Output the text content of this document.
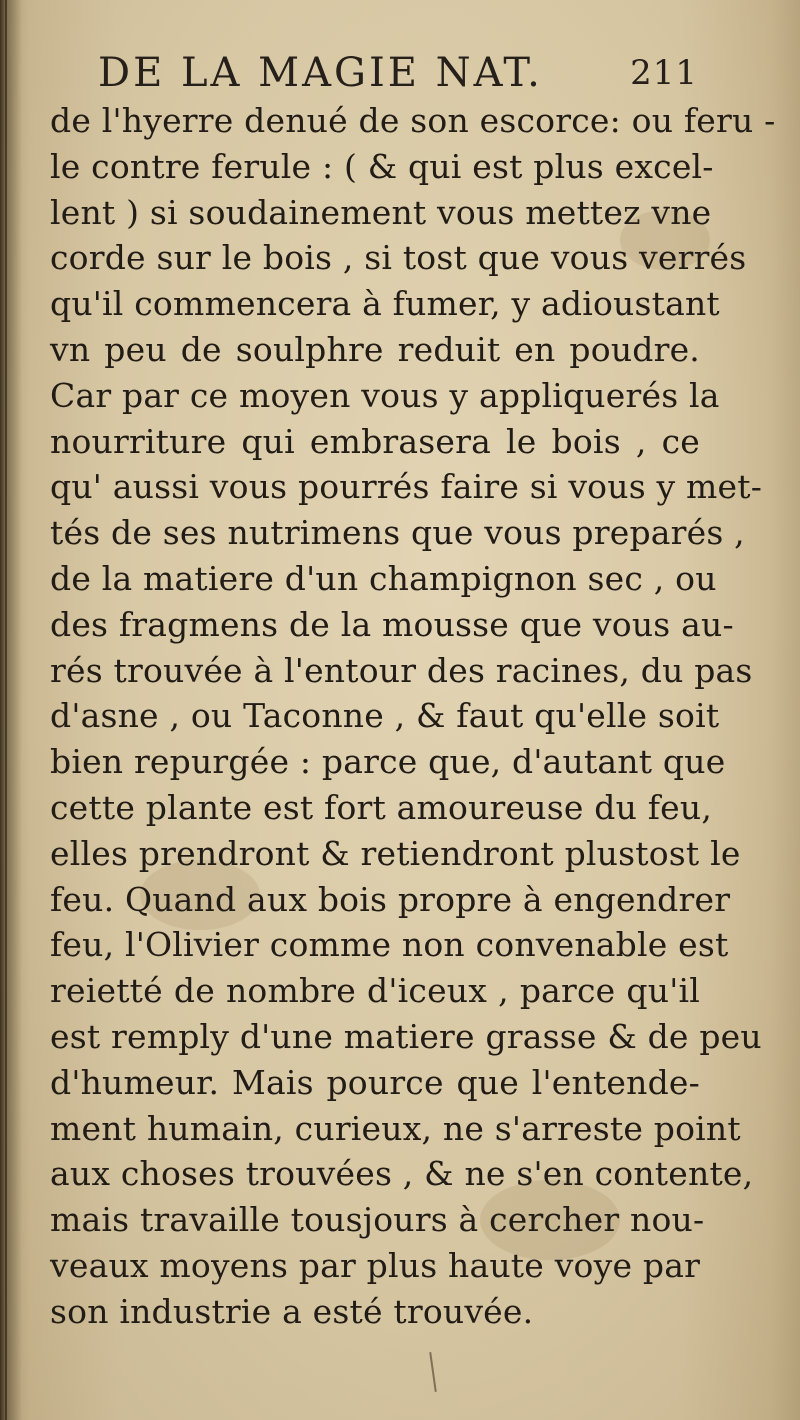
DE LA MAGIE NAT.	211
de l'hyerre denué de son escorce: ou feru -
le contre ferule : ( & qui est plus excel-
lent ) si soudainement vous mettez vne
corde sur le bois , si tost que vous verrés
qu'il commencera à fumer, y adioustant
vn peu de soulphre reduit en poudre.
Car par ce moyen vous y appliquerés la
nourriture qui embrasera le bois , ce
qu' aussi vous pourrés faire si vous y met-
tés de ses nutrimens que vous preparés ,
de la matiere d'un champignon sec , ou
des fragmens de la mousse que vous au-
rés trouvée à l'entour des racines, du pas
d'asne , ou Taconne , & faut qu'elle soit
bien repurgée : parce que, d'autant que
cette plante est fort amoureuse du feu,
elles prendront & retiendront plustost le
feu. Quand aux bois propre à engendrer
feu, l'Olivier comme non convenable est
reietté de nombre d'iceux , parce qu'il
est remply d'une matiere grasse & de peu
d'humeur. Mais pource que l'entende-
ment humain, curieux, ne s'arreste point
aux choses trouvées , & ne s'en contente,
mais travaille tousjours à cercher nou-
veaux moyens par plus haute voye par
son industrie a esté trouvée.
